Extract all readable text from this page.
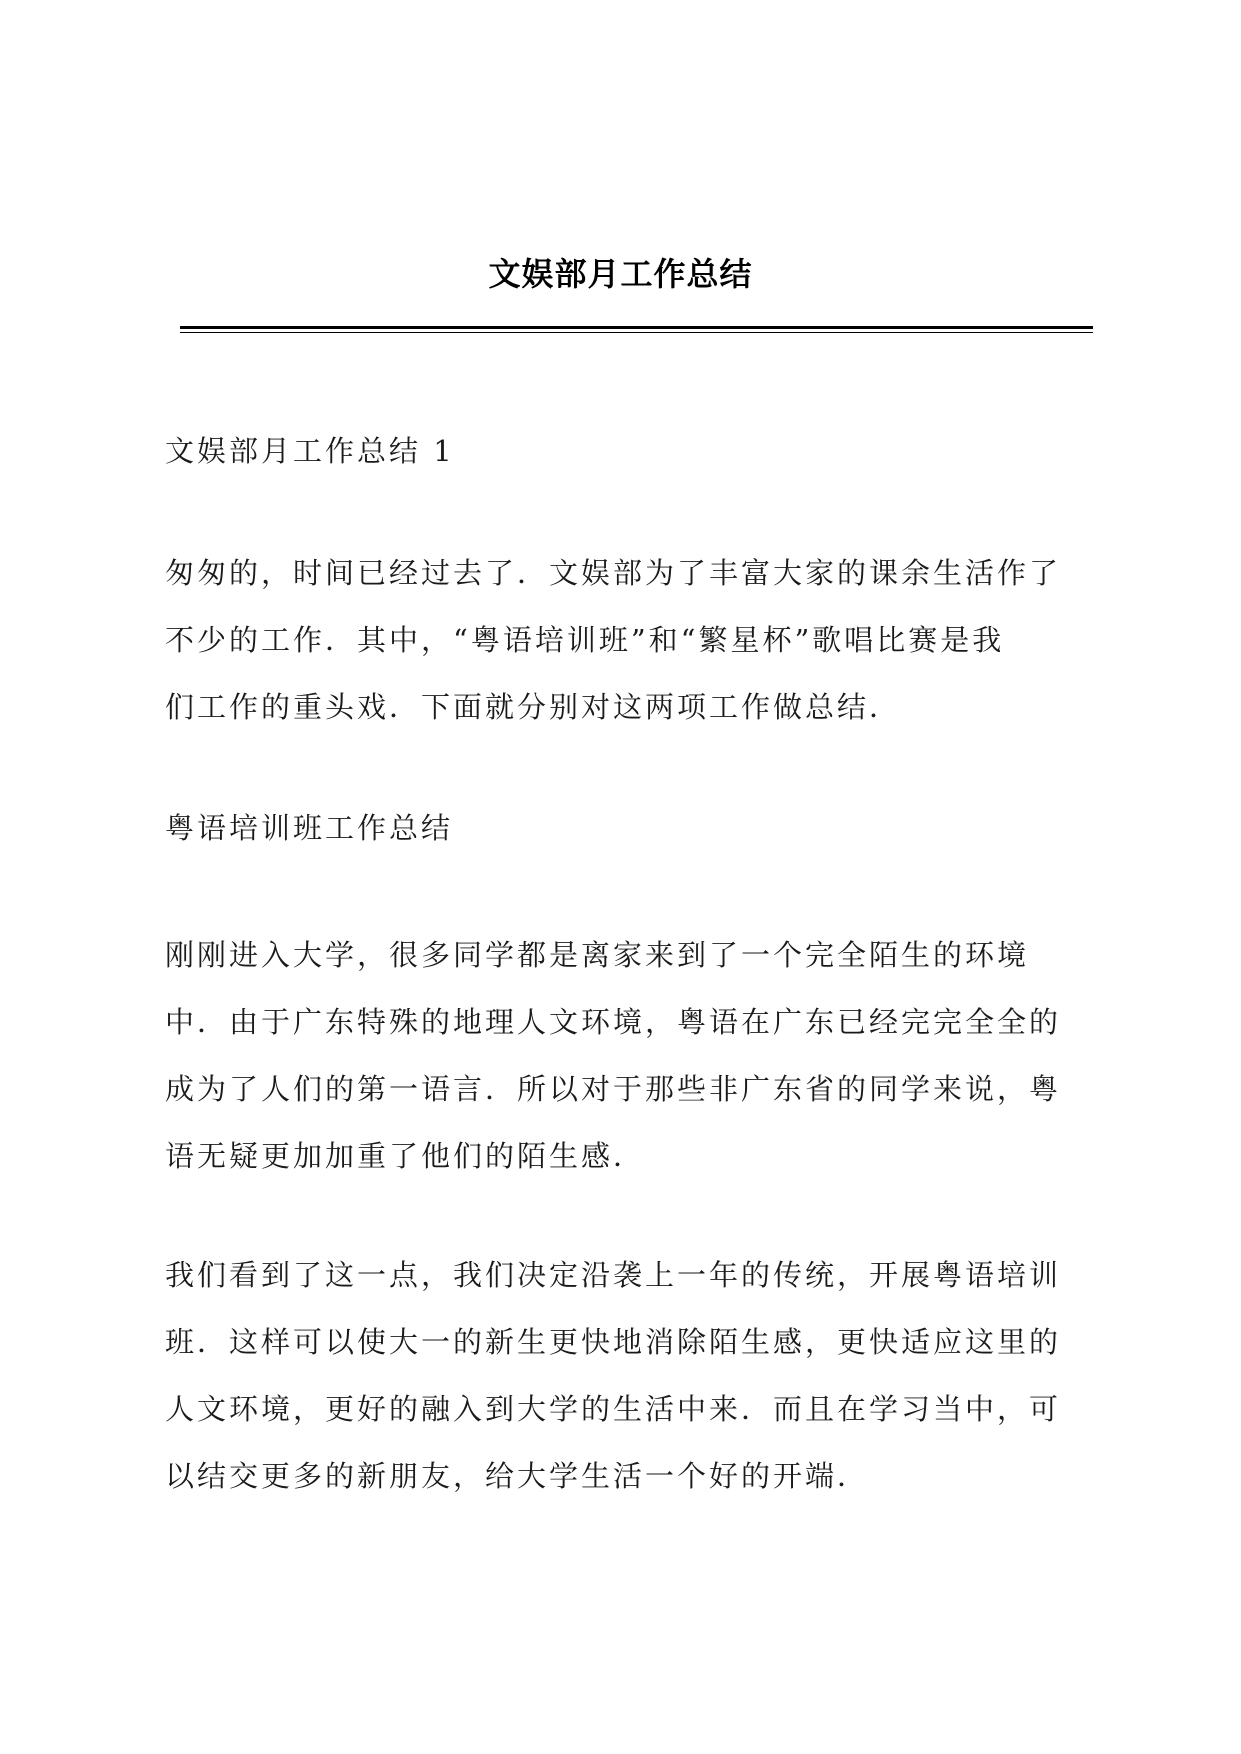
文娱部月工作总结

文娱部月工作总结 1

匆匆的，时间已经过去了．文娱部为了丰富大家的课余生活作了
不少的工作．其中，“粤语培训班”和“繁星杯”歌唱比赛是我
们工作的重头戏．下面就分别对这两项工作做总结．

粤语培训班工作总结

刚刚进入大学，很多同学都是离家来到了一个完全陌生的环境
中．由于广东特殊的地理人文环境，粤语在广东已经完完全全的
成为了人们的第一语言．所以对于那些非广东省的同学来说，粤
语无疑更加加重了他们的陌生感．

我们看到了这一点，我们决定沿袭上一年的传统，开展粤语培训
班．这样可以使大一的新生更快地消除陌生感，更快适应这里的
人文环境，更好的融入到大学的生活中来．而且在学习当中，可
以结交更多的新朋友，给大学生活一个好的开端．
